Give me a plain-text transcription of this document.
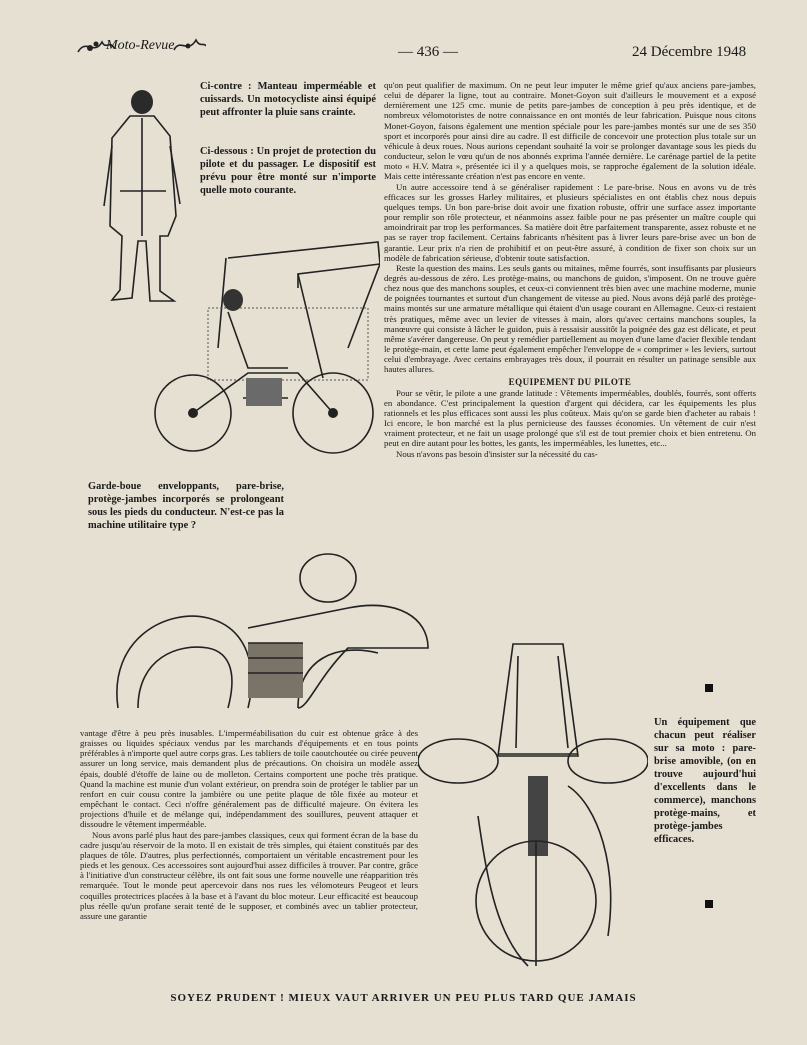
Moto-Revue	— 436 —	24 Décembre 1948
Ci-contre : Manteau imperméable et cuissards. Un motocycliste ainsi équipé peut affronter la pluie sans crainte.
Ci-dessous : Un projet de protection du pilote et du passager. Le dispositif est prévu pour être monté sur n'importe quelle moto courante.
Garde-boue enveloppants, pare-brise, protège-jambes incorporés se prolongeant sous les pieds du conducteur. N'est-ce pas la machine utilitaire type ?

qu'on peut qualifier de maximum. On ne peut leur imputer le même grief qu'aux anciens pare-jambes, celui de déparer la ligne, tout au contraire. Monet-Goyon suit d'ailleurs le mouvement et a exposé dernièrement une 125 cmc. munie de petits pare-jambes de conception à peu près identique, et de nombreux vélomotoristes de notre connaissance en ont montés de leur fabrication. Puisque nous citons Monet-Goyon, faisons également une mention spéciale pour les pare-jambes montés sur une de ses 350 sport et incorporés pour ainsi dire au cadre. Il est difficile de concevoir une protection plus totale sur un véhicule à deux roues. Nous aurions cependant souhaité la voir se prolonger davantage sous les pieds du conducteur, selon le vœu qu'un de nos abonnés exprima l'année dernière. Le carénage partiel de la petite moto « H.V. Matra », présentée ici il y a quelques mois, se rapproche également de la solution idéale. Mais cette intéressante création n'est pas encore en vente.

Un autre accessoire tend à se généraliser rapidement : Le pare-brise. Nous en avons vu de très efficaces sur les grosses Harley militaires, et plusieurs spécialistes en ont établis chez nous depuis quelques temps. Un bon pare-brise doit avoir une fixation robuste, offrir une surface assez importante pour remplir son rôle protecteur, et néanmoins assez faible pour ne pas présenter un maître couple qui amoindrirait par trop les performances. Sa matière doit être parfaitement transparente, assez robuste et ne pas se rayer trop facilement. Certains fabricants n'hésitent pas à livrer leurs pare-brise avec un bon de garantie. Leur prix n'a rien de prohibitif et on peut-être assuré, à condition de fixer son choix sur un modèle de fabrication sérieuse, d'obtenir toute satisfaction.

Reste la question des mains. Les seuls gants ou mitaines, même fourrés, sont insuffisants par plusieurs degrés au-dessous de zéro. Les protège-mains, ou manchons de guidon, s'imposent. On ne trouve guère chez nous que des manchons souples, et ceux-ci conviennent très bien avec une machine moderne, munie de poignées tournantes et surtout d'un changement de vitesse au pied. Nous avons déjà parlé des protège-mains montés sur une armature métallique qui étaient d'un usage courant en Allemagne. Ceux-ci restaient très pratiques, même avec un levier de vitesses à main, alors qu'avec certains manchons souples, la manœuvre qui consiste à lâcher le guidon, puis à ressaisir aussitôt la poignée des gaz est délicate, et peut même s'avérer dangereuse. On peut y remédier partiellement au moyen d'une lame d'acier flexible tendant le protège-main, et cette lame peut également empêcher l'enveloppe de « comprimer » les leviers, surtout celui d'embrayage. Avec certains embrayages très doux, il pourrait en résulter un patinage sensible aux hautes allures.

EQUIPEMENT DU PILOTE

Pour se vêtir, le pilote a une grande latitude : Vêtements imperméables, doublés, fourrés, sont offerts en abondance. C'est principalement la question d'argent qui décidera, car les équipements les plus rationnels et les plus efficaces sont aussi les plus coûteux. Mais qu'on se garde bien d'acheter au rabais ! Ici encore, le bon marché est la plus pernicieuse des fausses économies. Un vêtement de cuir n'est vraiment protecteur, et ne fait un usage prolongé que s'il est de tout premier choix et bien entretenu. On peut en dire autant pour les bottes, les gants, les imperméables, les lunettes, etc...

Nous n'avons pas besoin d'insister sur la nécessité du cas-

Un équipement que chacun peut réaliser sur sa moto : pare-brise amovible, (on en trouve aujourd'hui d'excellents dans le commerce), manchons protège-mains, et protège-jambes efficaces.

vantage d'être à peu près inusables. L'imperméabilisation du cuir est obtenue grâce à des graisses ou liquides spéciaux vendus par les marchands d'équipements et en tous points préférables à n'importe quel autre corps gras. Les tabliers de toile caoutchoutée ou cirée peuvent assurer un long service, mais demandent plus de précautions. On choisira un modèle assez épais, doublé d'étoffe de laine ou de molleton. Certains comportent une poche très pratique. Quand la machine est munie d'un volant extérieur, on prendra soin de protéger le tablier par un renfort en cuir cousu contre la jambière ou une petite plaque de tôle fixée au moteur et empêchant le contact. Ceci n'offre généralement pas de difficulté majeure. On évitera les projections d'huile et de mélange qui, indépendamment des souillures, peuvent attaquer et dissoudre le vêtement imperméable.

Nous avons parlé plus haut des pare-jambes classiques, ceux qui forment écran de la base du cadre jusqu'au réservoir de la moto. Il en existait de très simples, qui étaient constitués par des plaques de tôle. D'autres, plus perfectionnés, comportaient un véritable encastrement pour les pieds et les genoux. Ces accessoires sont aujourd'hui assez difficiles à trouver. Par contre, grâce à l'initiative d'un constructeur célèbre, ils ont fait sous une forme nouvelle une réapparition très remarquée. Tout le monde peut apercevoir dans nos rues les vélomoteurs Peugeot et leurs coquilles protectrices placées à la base et à l'avant du bloc moteur. Leur efficacité est beaucoup plus réelle qu'un profane serait tenté de le supposer, et combinés avec un tablier protecteur, assure une garantie

SOYEZ PRUDENT ! MIEUX VAUT ARRIVER UN PEU PLUS TARD QUE JAMAIS
